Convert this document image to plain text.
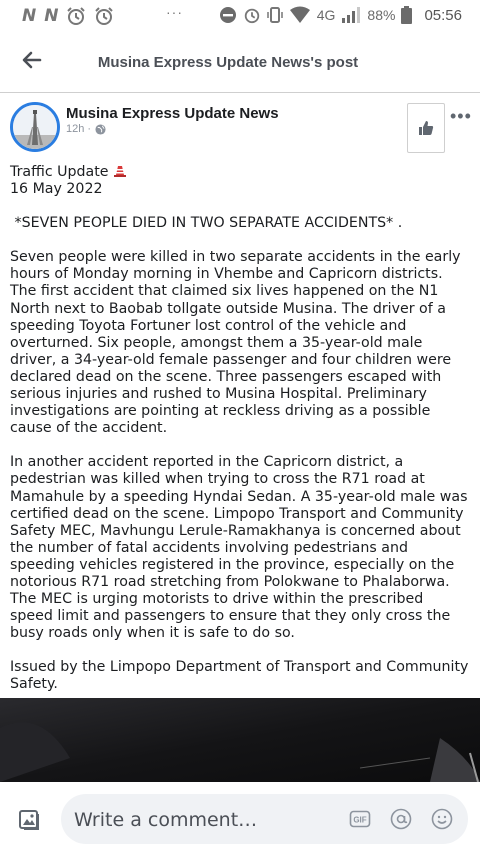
N N	···	4G 88% 05:56
Musina Express Update News's post
Musina Express Update News
12h ·
•••

Traffic Update

16 May 2022

*SEVEN PEOPLE DIED IN TWO SEPARATE ACCIDENTS* .

Seven people were killed in two separate accidents in the early hours of Monday morning in Vhembe and Capricorn districts. The first accident that claimed six lives happened on the N1 North next to Baobab tollgate outside Musina. The driver of a speeding Toyota Fortuner lost control of the vehicle and overturned. Six people, amongst them a 35-year-old male driver, a 34-year-old female passenger and four children were declared dead on the scene. Three passengers escaped with serious injuries and rushed to Musina Hospital. Preliminary investigations are pointing at reckless driving as a possible cause of the accident.

In another accident reported in the Capricorn district, a pedestrian was killed when trying to cross the R71 road at Mamahule by a speeding Hyndai Sedan. A 35-year-old male was certified dead on the scene. Limpopo Transport and Community Safety MEC, Mavhungu Lerule-Ramakhanya is concerned about the number of fatal accidents involving pedestrians and speeding vehicles registered in the province, especially on the notorious R71 road stretching from Polokwane to Phalaborwa. The MEC is urging motorists to drive within the prescribed speed limit and passengers to ensure that they only cross the busy roads only when it is safe to do so.

Issued by the Limpopo Department of Transport and Community Safety.

Write a comment…	GIF
